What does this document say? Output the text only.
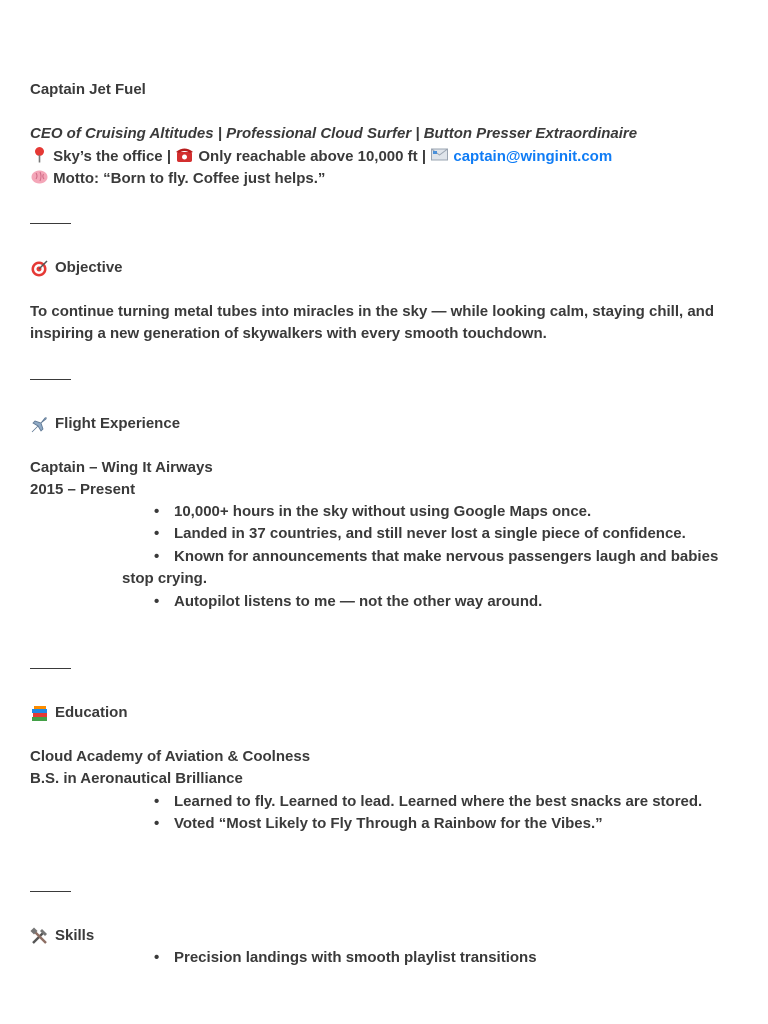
Captain Jet Fuel

CEO of Cruising Altitudes | Professional Cloud Surfer | Button Presser Extraordinaire

Sky’s the office | Only reachable above 10,000 ft | captain@winginit.com

Motto: “Born to fly. Coffee just helps.”

Objective

To continue turning metal tubes into miracles in the sky — while looking calm, staying chill, and inspiring a new generation of skywalkers with every smooth touchdown.

Flight Experience

Captain – Wing It Airways

2015 – Present

• 10,000+ hours in the sky without using Google Maps once.
• Landed in 37 countries, and still never lost a single piece of confidence.
• Known for announcements that make nervous passengers laugh and babies stop crying.
• Autopilot listens to me — not the other way around.

Education

Cloud Academy of Aviation & Coolness

B.S. in Aeronautical Brilliance

• Learned to fly. Learned to lead. Learned where the best snacks are stored.
• Voted “Most Likely to Fly Through a Rainbow for the Vibes.”

Skills

• Precision landings with smooth playlist transitions
